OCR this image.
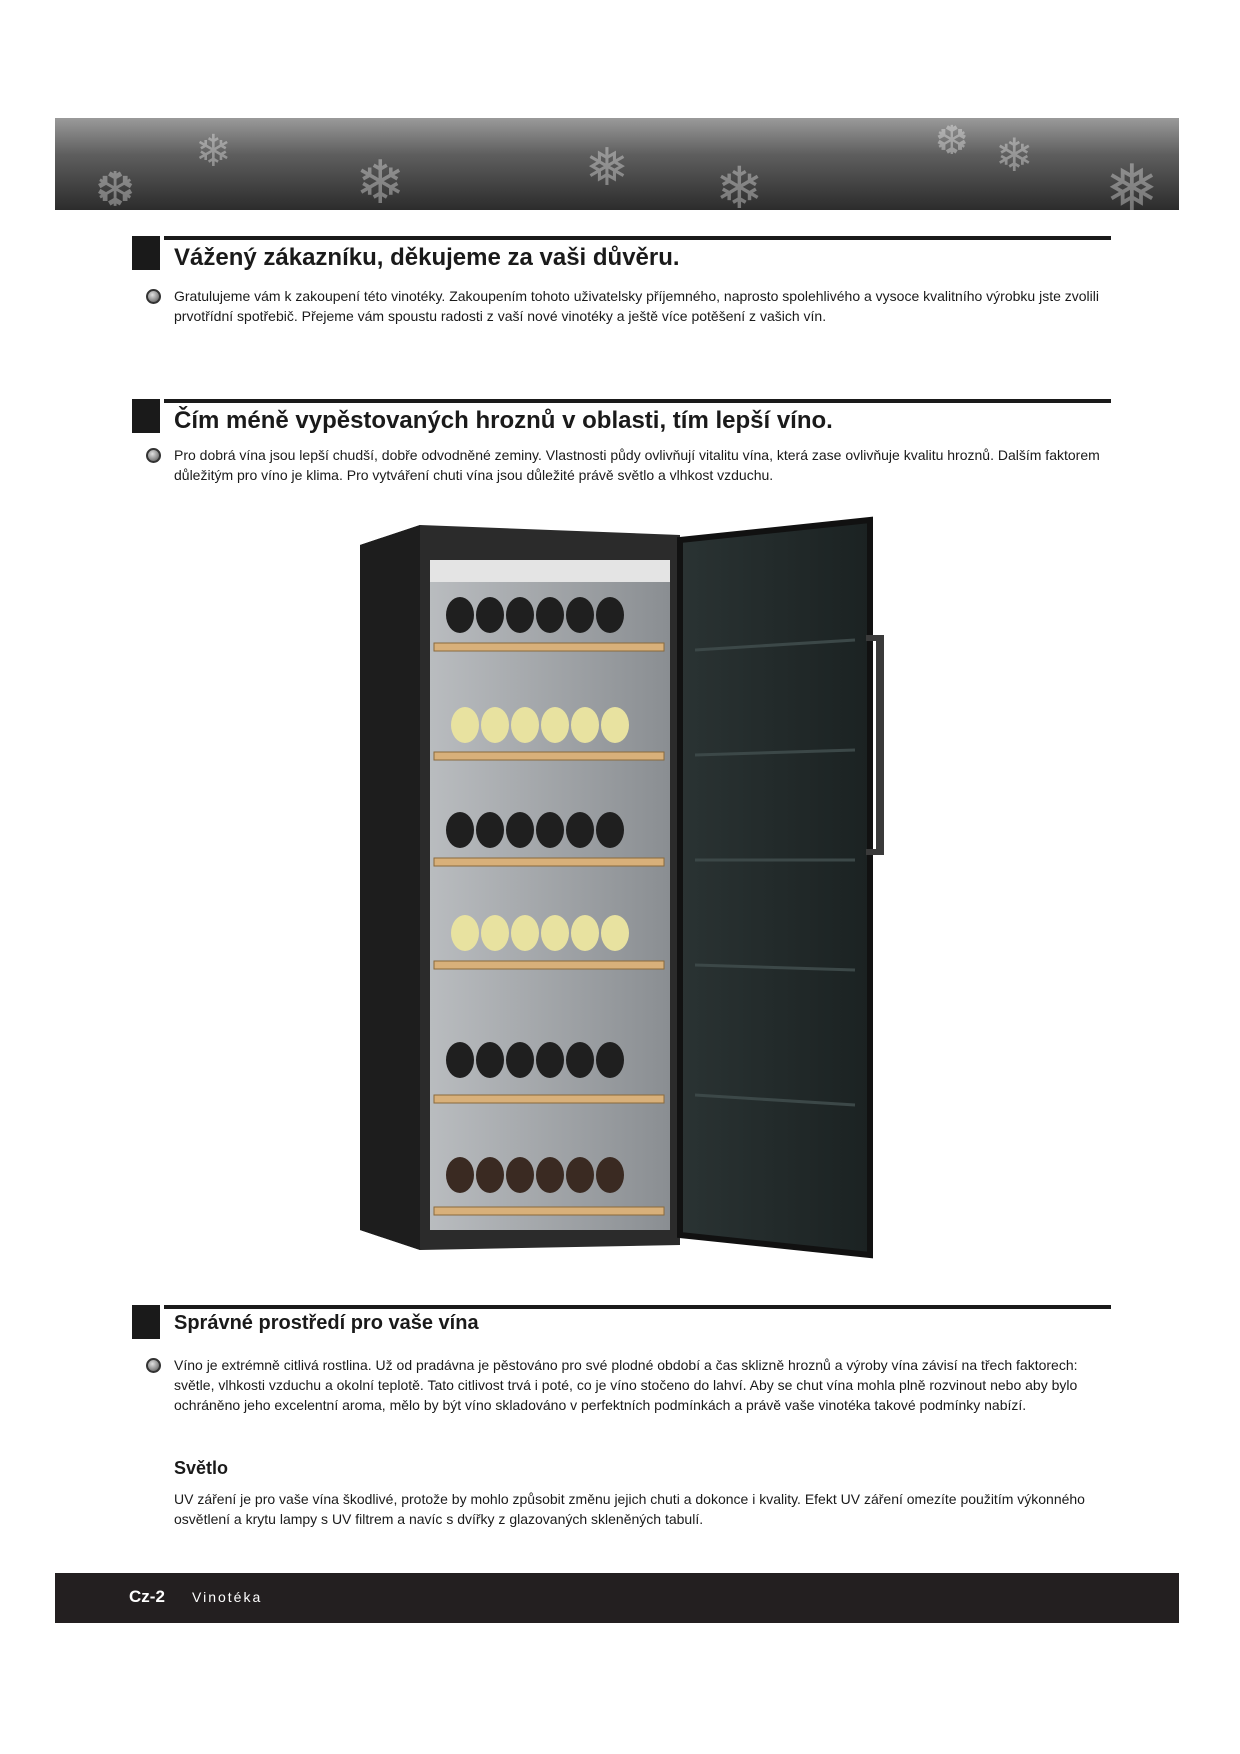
❄ ❄	❅ ❄
❆ ❄ ❅
❆
Vážený zákazníku, děkujeme za vaši důvěru.

Gratulujeme vám k zakoupení této vinotéky. Zakoupením tohoto uživatelsky příjemného, naprosto spolehlivého a vysoce kvalitního výrobku jste zvolili prvotřídní spotřebič. Přejeme vám spoustu radosti z vaší nové vinotéky a ještě více potěšení z vašich vín.

Čím méně vypěstovaných hroznů v oblasti, tím lepší víno.

Pro dobrá vína jsou lepší chudší, dobře odvodněné zeminy. Vlastnosti půdy ovlivňují vitalitu vína, která zase ovlivňuje kvalitu hroznů. Dalším faktorem důležitým pro víno je klima. Pro vytváření chuti vína jsou důležité právě světlo a vlhkost vzduchu.

Správné prostředí pro vaše vína

Víno je extrémně citlivá rostlina. Už od pradávna je pěstováno pro své plodné období a čas sklizně hroznů a výroby vína závisí na třech faktorech: světle, vlhkosti vzduchu a okolní teplotě. Tato citlivost trvá i poté, co je víno stočeno do lahví. Aby se chut vína mohla plně rozvinout nebo aby bylo ochráněno jeho excelentní aroma, mělo by být víno skladováno v perfektních podmínkách a právě vaše vinotéka takové podmínky nabízí.

Světlo

UV záření je pro vaše vína škodlivé, protože by mohlo způsobit změnu jejich chuti a dokonce i kvality. Efekt UV záření omezíte použitím výkonného osvětlení a krytu lampy s UV filtrem a navíc s dvířky z glazovaných skleněných tabulí.

Cz-2 Vinotéka
